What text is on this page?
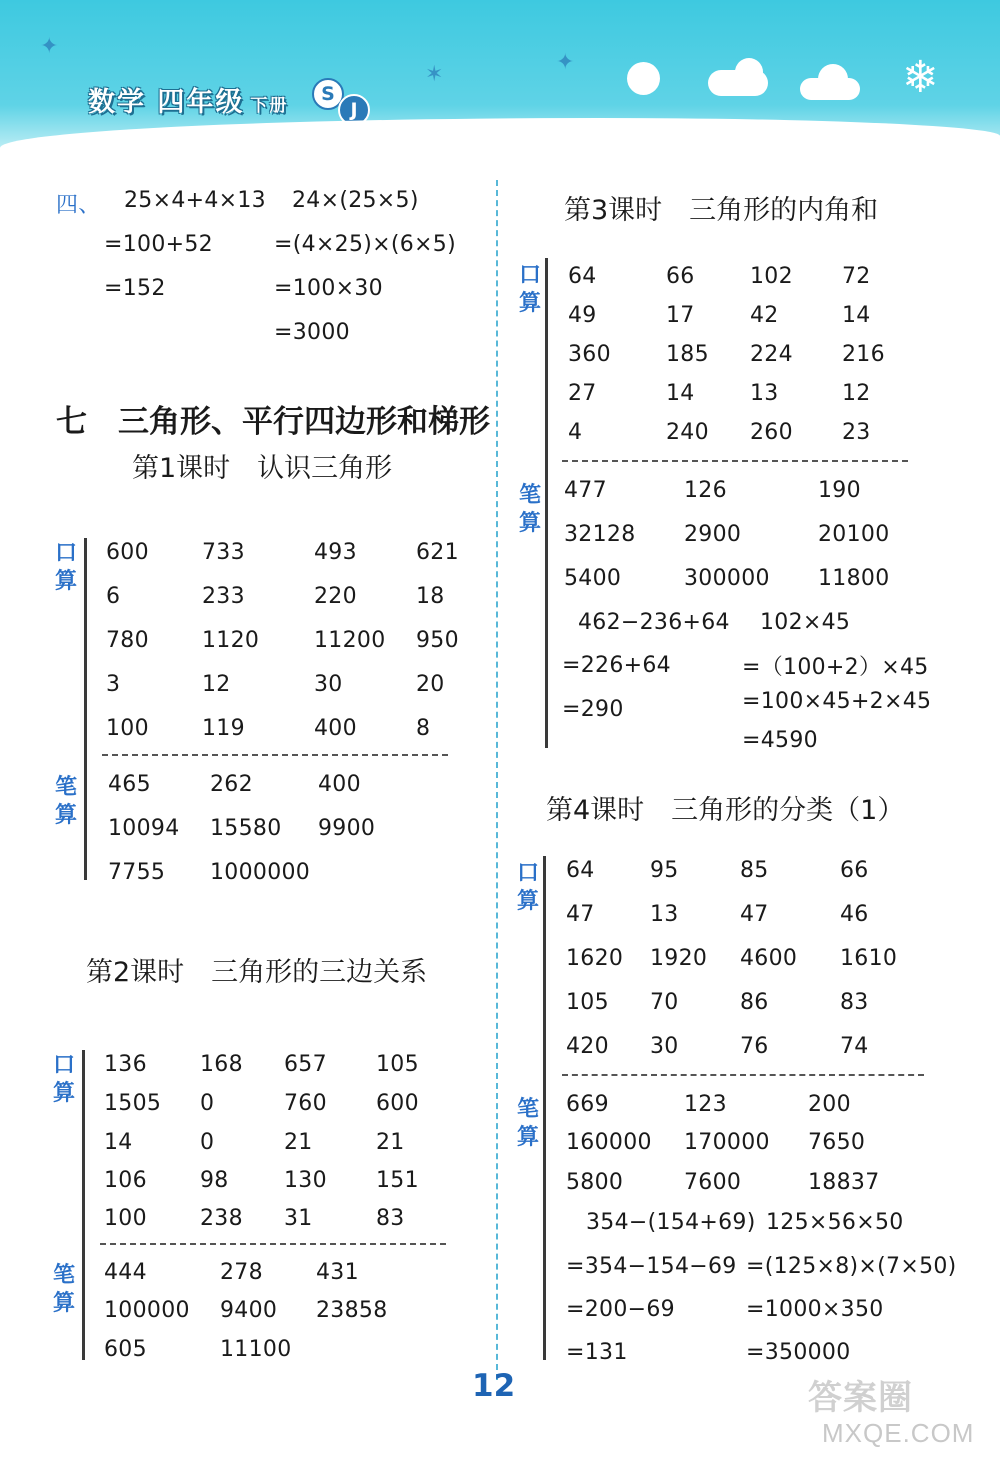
✦
✶	✦
数学 四年级 下册
S
J
❄
四、 25×4+4×13
=100+52
=152
24×(25×5)
=(4×25)×(6×5)
=100×30
=3000
七　三角形、平行四边形和梯形
第1课时　认识三角形
口
算
600 733	493	621
6	233	220	18
780 1120 11200 950
3	12	30	20
100 119	400	8
笔
算
465	262	400
10094 15580 9900
7755 1000000
第2课时　三角形的三边关系
口
算
136 168 657 105
1505 0	760 600
14	0	21	21
106 98	130 151
100 238 31	83
笔
算
444	278 431
100000 9400 23858
605	11100
第3课时　三角形的内角和
口
算
64	66	102 72
49	17	42	14
360	185 224 216
27	14	13	12
4	240 260 23
笔
算
477	126	190
32128 2900	20100
5400	300000 11800
462−236+64
=226+64
=290
102×45
=（100+2）×45
=100×45+2×45
=4590
第4课时　三角形的分类（1）
口
算
64	95	85	66
47	13	47	46
1620 1920 4600 1610
105 70	86	83
420 30	76	74
笔
算
669	123	200
160000 170000 7650
5800	7600	18837
354−(154+69)
=354−154−69
=200−69
=131
125×56×50
=(125×8)×(7×50)
=1000×350
=350000
12	答案圈
MXQE.COM
